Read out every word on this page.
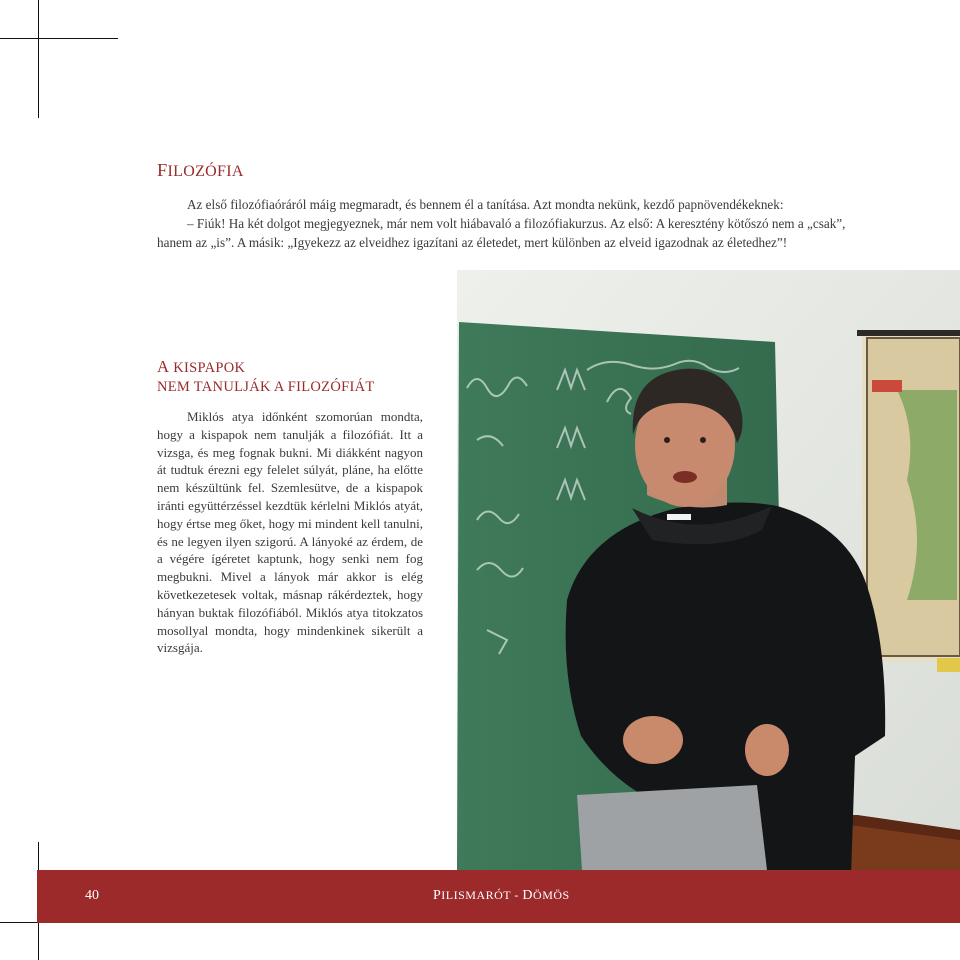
FILOZÓFIA

Az első filozófiaóráról máig megmaradt, és bennem él a tanítása. Azt mondta nekünk, kezdő papnövendékeknek:

– Fiúk! Ha két dolgot megjegyeznek, már nem volt hiábavaló a filozófiakurzus. Az első: A keresztény kötőszó nem a „csak”,

hanem az „is”. A másik: „Igyekezz az elveidhez igazítani az életedet, mert különben az elveid igazodnak az életedhez”!

A KISPAPOK
NEM TANULJÁK A FILOZÓFIÁT

Miklós atya időnként szomorúan mondta, hogy a kispapok nem tanulják a filozófiát. Itt a vizsga, és meg fognak bukni. Mi diákként nagyon át tudtuk érezni egy felelet súlyát, pláne, ha előtte nem készültünk fel. Szemlesütve, de a kispapok iránti együttérzéssel kezdtük kérlelni Miklós atyát, hogy értse meg őket, hogy mi mindent kell tanulni, és ne legyen ilyen szigorú. A lányoké az érdem, de a végére ígéretet kaptunk, hogy senki nem fog megbukni. Mivel a lányok már akkor is elég következetesek voltak, másnap rákérdeztek, hogy hányan buktak filozófiából. Miklós atya titokzatos mosollyal mondta, hogy mindenkinek sikerült a vizsgája.

40	PILISMARÓT - DÖMÖS
